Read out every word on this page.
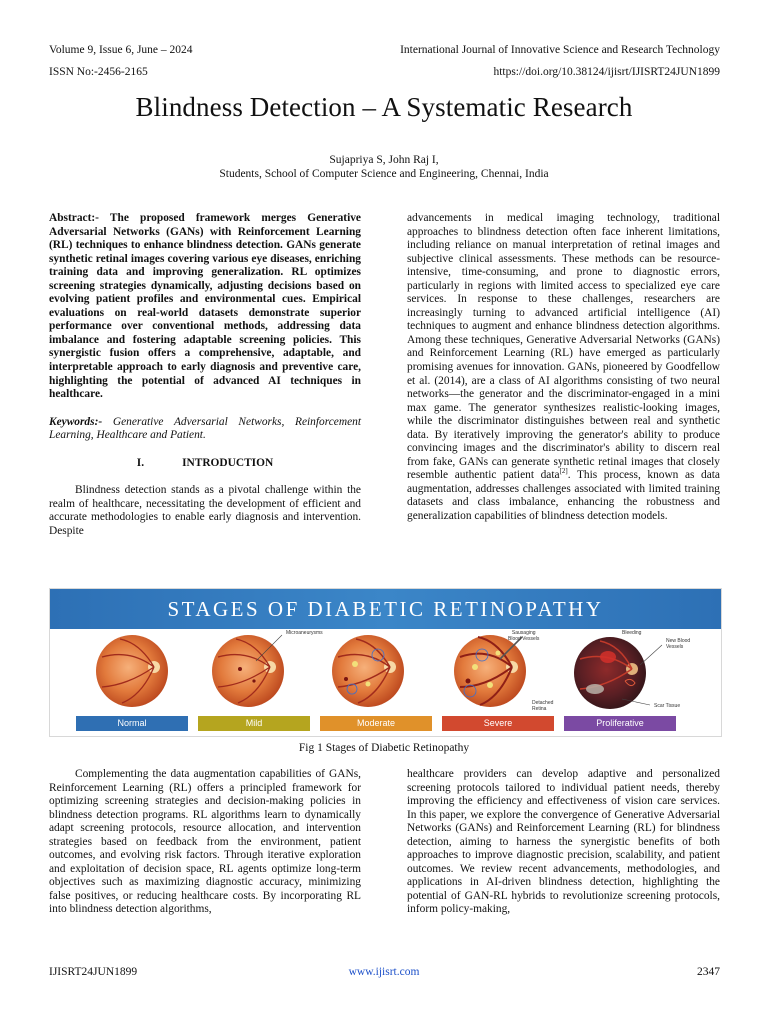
Volume 9, Issue 6, June – 2024	International Journal of Innovative Science and Research Technology
ISSN No:-2456-2165	https://doi.org/10.38124/ijisrt/IJISRT24JUN1899
Blindness Detection – A Systematic Research
Sujapriya S, John Raj I,
Students, School of Computer Science and Engineering, Chennai, India

Abstract:- The proposed framework merges Generative Adversarial Networks (GANs) with Reinforcement Learning (RL) techniques to enhance blindness detection. GANs generate synthetic retinal images covering various eye diseases, enriching training data and improving generalization. RL optimizes screening strategies dynamically, adjusting decisions based on evolving patient profiles and environmental cues. Empirical evaluations on real-world datasets demonstrate superior performance over conventional methods, addressing data imbalance and fostering adaptable screening policies. This synergistic fusion offers a comprehensive, adaptable, and interpretable approach to early diagnosis and preventive care, highlighting the potential of advanced AI techniques in healthcare.

Keywords:- Generative Adversarial Networks, Reinforcement Learning, Healthcare and Patient.

I.	INTRODUCTION

Blindness detection stands as a pivotal challenge within the realm of healthcare, necessitating the development of efficient and accurate methodologies to enable early diagnosis and intervention. Despite

advancements in medical imaging technology, traditional approaches to blindness detection often face inherent limitations, including reliance on manual interpretation of retinal images and subjective clinical assessments. These methods can be resource-intensive, time-consuming, and prone to diagnostic errors, particularly in regions with limited access to specialized eye care services. In response to these challenges, researchers are increasingly turning to advanced artificial intelligence (AI) techniques to augment and enhance blindness detection algorithms. Among these techniques, Generative Adversarial Networks (GANs) and Reinforcement Learning (RL) have emerged as particularly promising avenues for innovation. GANs, pioneered by Goodfellow et al. (2014), are a class of AI algorithms consisting of two neural networks—the generator and the discriminator-engaged in a mini max game. The generator synthesizes realistic-looking images, while the discriminator distinguishes between real and synthetic data. By iteratively improving the generator's ability to produce convincing images and the discriminator's ability to discern real from fake, GANs can generate synthetic retinal images that closely resemble authentic patient data[2]. This process, known as data augmentation, addresses challenges associated with limited training datasets and class imbalance, enhancing the robustness and generalization capabilities of blindness detection models.

STAGES OF DIABETIC RETINOPATHY
Microaneurysms	Sausaging
Blood Vessels
Bleeding
New Blood
Vessels
Detached
Retina	Scar Tissue
Normal	Mild	Moderate	Severe	Proliferative
Fig 1 Stages of Diabetic Retinopathy
Complementing the data augmentation capabilities of GANs, Reinforcement Learning (RL) offers a principled framework for optimizing screening strategies and decision-making policies in blindness detection programs. RL algorithms learn to dynamically adapt screening protocols, resource allocation, and intervention strategies based on feedback from the environment, patient outcomes, and evolving risk factors. Through iterative exploration and exploitation of decision space, RL agents optimize long-term objectives such as maximizing diagnostic accuracy, minimizing false positives, or reducing healthcare costs. By incorporating RL into blindness detection algorithms,
healthcare providers can develop adaptive and personalized screening protocols tailored to individual patient needs, thereby improving the efficiency and effectiveness of vision care services. In this paper, we explore the convergence of Generative Adversarial Networks (GANs) and Reinforcement Learning (RL) for blindness detection, aiming to harness the synergistic benefits of both approaches to improve diagnostic precision, scalability, and patient outcomes. We review recent advancements, methodologies, and applications in AI-driven blindness detection, highlighting the potential of GAN-RL hybrids to revolutionize screening protocols, inform policy-making,
IJISRT24JUN1899	www.ijisrt.com	2347
